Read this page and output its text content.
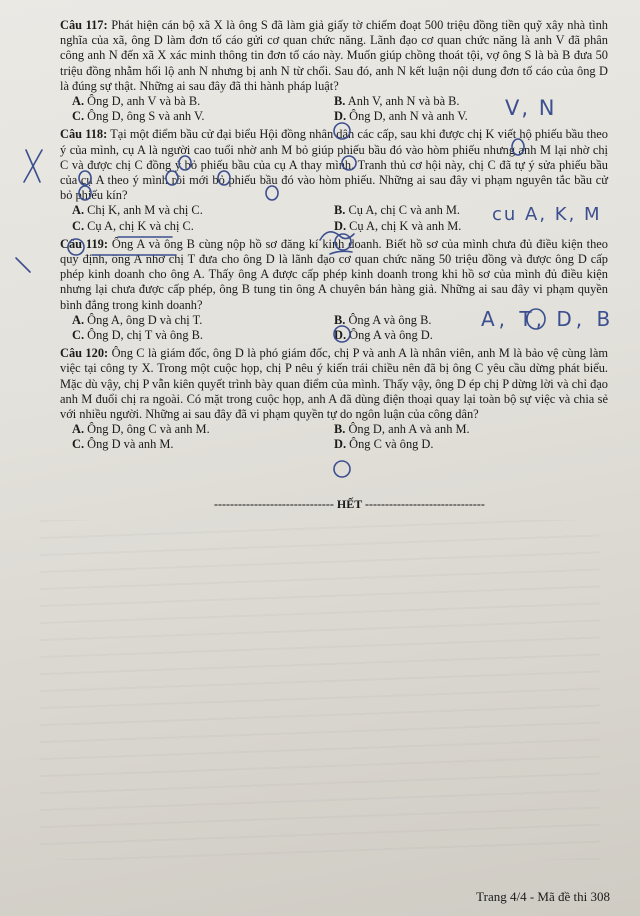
Câu 117: Phát hiện cán bộ xã X là ông S đã làm giả giấy tờ chiếm đoạt 500 triệu đồng tiền quỹ xây nhà tình nghĩa của xã, ông D làm đơn tố cáo gửi cơ quan chức năng. Lãnh đạo cơ quan chức năng là anh V đã phân công anh N đến xã X xác minh thông tin đơn tố cáo này. Muốn giúp chồng thoát tội, vợ ông S là bà B đưa 50 triệu đồng nhằm hối lộ anh N nhưng bị anh N từ chối. Sau đó, anh N kết luận nội dung đơn tố cáo của ông D là đúng sự thật. Những ai sau đây đã thi hành pháp luật?

A. Ông D, anh V và bà B.	B. Anh V, anh N và bà B.
C. Ông D, ông S và anh V.	D. Ông D, anh N và anh V.

Câu 118: Tại một điểm bầu cử đại biểu Hội đồng nhân dân các cấp, sau khi được chị K viết hộ phiếu bầu theo ý của mình, cụ A là người cao tuổi nhờ anh M bỏ giúp phiếu bầu đó vào hòm phiếu nhưng anh M lại nhờ chị C và được chị C đồng ý bỏ phiếu bầu của cụ A thay mình. Tranh thủ cơ hội này, chị C đã tự ý sửa phiếu bầu của cụ A theo ý mình rồi mới bỏ phiếu bầu đó vào hòm phiếu. Những ai sau đây vi phạm nguyên tắc bầu cử bỏ phiếu kín?

A. Chị K, anh M và chị C.	B. Cụ A, chị C và anh M.
C. Cụ A, chị K và chị C.	D. Cụ A, chị K và anh M.

Câu 119: Ông A và ông B cùng nộp hồ sơ đăng kí kinh doanh. Biết hồ sơ của mình chưa đủ điều kiện theo quy định, ông A nhờ chị T đưa cho ông D là lãnh đạo cơ quan chức năng 50 triệu đồng và được ông D cấp phép kinh doanh cho ông A. Thấy ông A được cấp phép kinh doanh trong khi hồ sơ của mình đủ điều kiện nhưng lại chưa được cấp phép, ông B tung tin ông A chuyên bán hàng giả. Những ai sau đây vi phạm quyền bình đẳng trong kinh doanh?

A. Ông A, ông D và chị T.	B. Ông A và ông B.
C. Ông D, chị T và ông B.	D. Ông A và ông D.

Câu 120: Ông C là giám đốc, ông D là phó giám đốc, chị P và anh A là nhân viên, anh M là bảo vệ cùng làm việc tại công ty X. Trong một cuộc họp, chị P nêu ý kiến trái chiều nên đã bị ông C yêu cầu dừng phát biểu. Mặc dù vậy, chị P vẫn kiên quyết trình bày quan điểm của mình. Thấy vậy, ông D ép chị P dừng lời và chỉ đạo anh M đuổi chị ra ngoài. Có mặt trong cuộc họp, anh A đã dùng điện thoại quay lại toàn bộ sự việc và chia sẻ với nhiều người. Những ai sau đây đã vi phạm quyền tự do ngôn luận của công dân?

A. Ông D, ông C và anh M.	B. Ông D, anh A và anh M.
C. Ông D và anh M.	D. Ông C và ông D.
------------------------------ HẾT ------------------------------
Trang 4/4 - Mã đề thi 308
V, N
cu A, K, M
A, T, D, B
